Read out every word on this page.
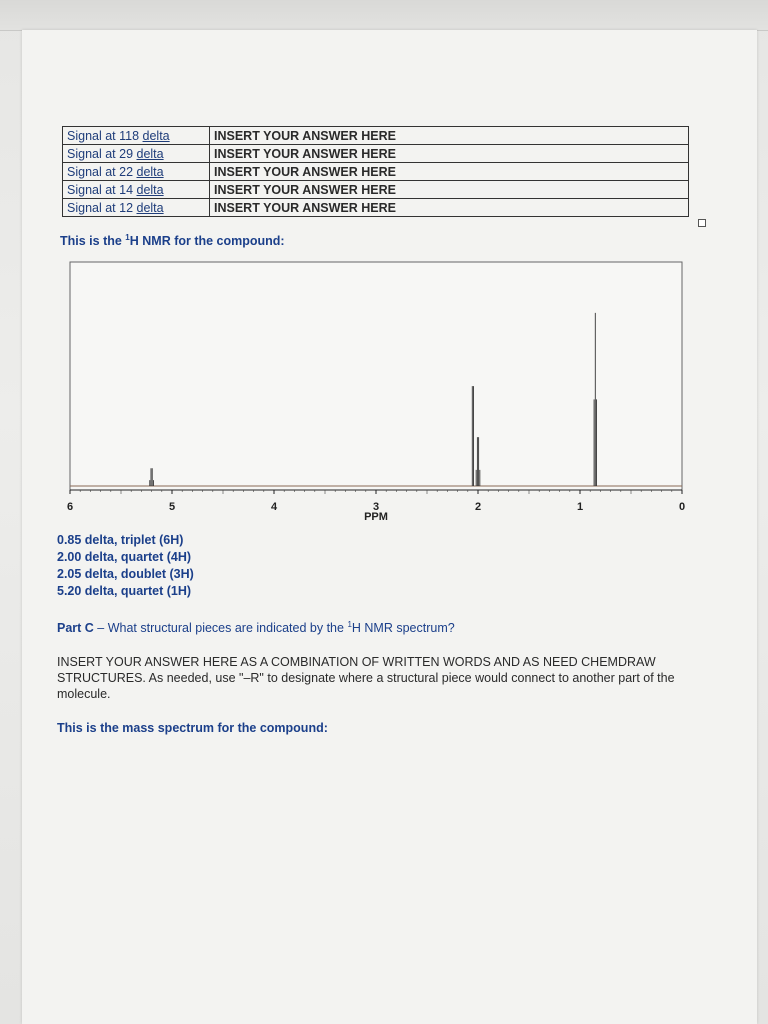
Signal at 118 delta	INSERT YOUR ANSWER HERE
Signal at 29 delta	INSERT YOUR ANSWER HERE
Signal at 22 delta	INSERT YOUR ANSWER HERE
Signal at 14 delta	INSERT YOUR ANSWER HERE
Signal at 12 delta	INSERT YOUR ANSWER HERE
This is the $^1$H NMR for the compound:
6	5	4	3	2	1	0
PPM
0.85 delta, triplet (6H)
2.00 delta, quartet (4H)
2.05 delta, doublet (3H)
5.20 delta, quartet (1H)
Part C – What structural pieces are indicated by the $^1$H NMR spectrum?
INSERT YOUR ANSWER HERE AS A COMBINATION OF WRITTEN WORDS AND AS NEED CHEMDRAW STRUCTURES. As needed, use "–R" to designate where a structural piece would connect to another part of the molecule.
This is the mass spectrum for the compound:
